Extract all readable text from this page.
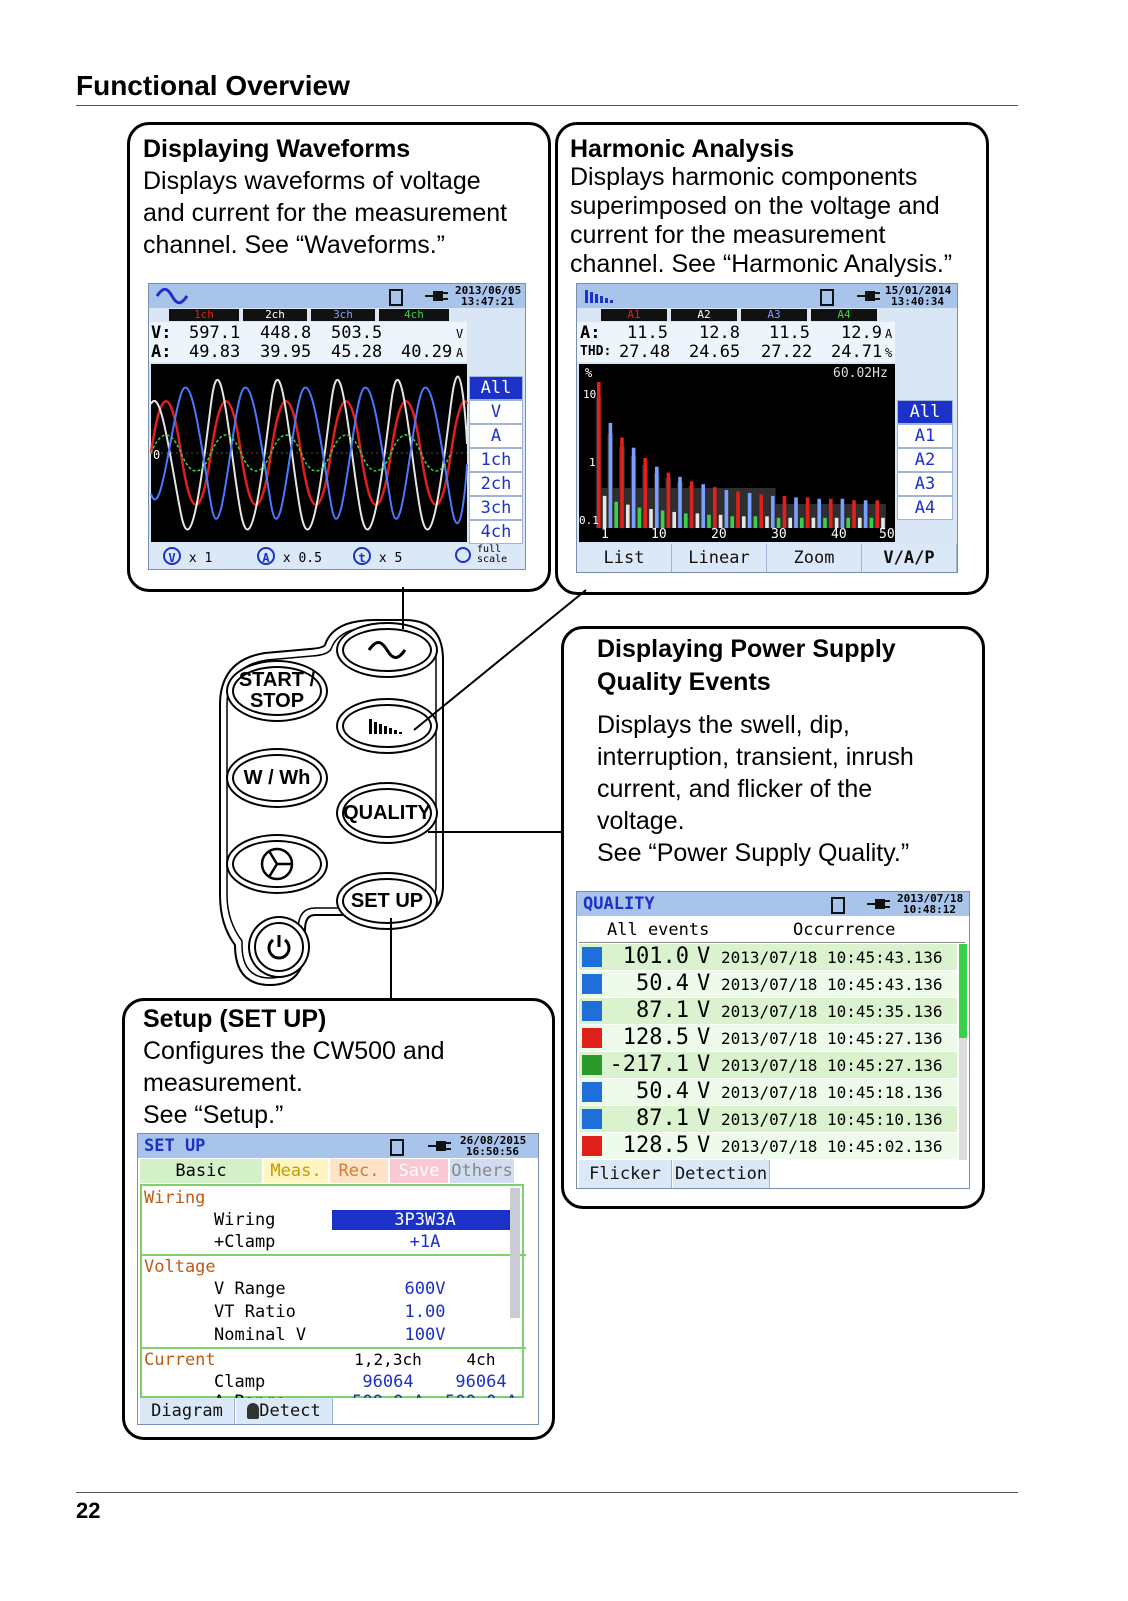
Functional Overview
Displaying Waveforms
Displays waveforms of voltage
and current for the measurement
channel. See “Waveforms.”
2013/06/05
13:47:21
1ch	2ch	3ch	4ch
V: 597.1 448.8 503.5	V
A: 49.83 39.95 45.28 40.29 A
0
V x 1	A x 0.5	t x 5
full scale
All
V
A
1ch
2ch
3ch
4ch
Harmonic Analysis
Displays harmonic components
superimposed on the voltage and
current for the measurement
channel. See “Harmonic Analysis.”
15/01/2014
13:40:34
A1	A2	A3	A4
A: 11.5 12.8 11.5 12.9 A
THD: 27.48 24.65 27.22 24.71 %
%	60.02Hz
10
1
0.1
1	10	20	30	40 50
List	Linear	Zoom	V/A/P
All
A1
A2
A3
A4
START /
STOP
W / Wh
QUALITY
SET UP
Displaying Power Supply
Quality Events
Displays the swell, dip,
interruption, transient, inrush
current, and flicker of the
voltage.
See “Power Supply Quality.”
QUALITY	2013/07/18
10:48:12
All events	Occurrence
Flicker Detection
101.0 V 2013/07/18 10:45:43.136
50.4 V 2013/07/18 10:45:43.136
87.1 V 2013/07/18 10:45:35.136
128.5 V 2013/07/18 10:45:27.136
-217.1 V 2013/07/18 10:45:27.136
50.4 V 2013/07/18 10:45:18.136
87.1 V 2013/07/18 10:45:10.136
128.5 V 2013/07/18 10:45:02.136
Setup (SET UP)
Configures the CW500 and
measurement.
See “Setup.”
SET UP	26/08/2015
16:50:56
Basic	Meas. Rec.	Save Others
Wiring
Wiring	3P3W3A
+Clamp	+1A
Voltage
V Range	600V
VT Ratio	1.00
Nominal V	100V
Current	1,2,3ch	4ch
Clamp	96064	96064
Diagram	Detect
22
